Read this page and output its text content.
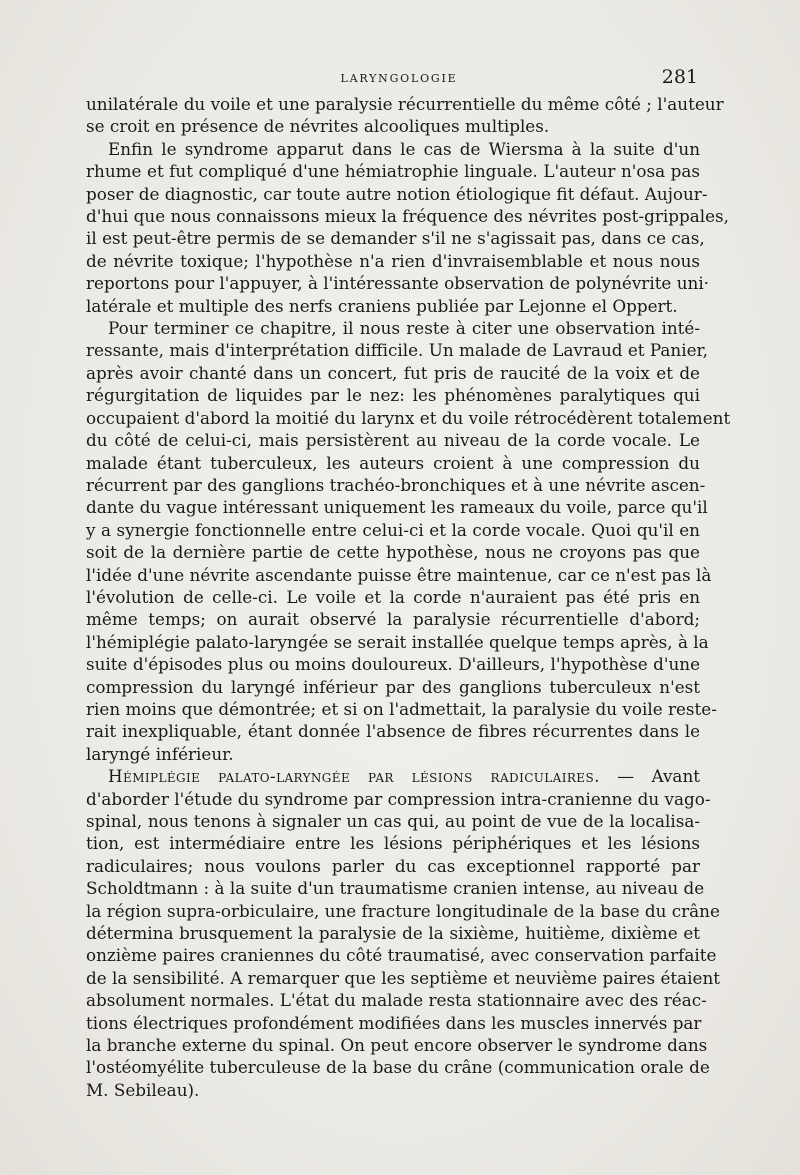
LARYNGOLOGIE	281
unilatérale du voile et une paralysie récurrentielle du même côté ; l'auteur
se croit en présence de névrites alcooliques multiples.
Enfin le syndrome apparut dans le cas de Wiersma à la suite d'un
rhume et fut compliqué d'une hémiatrophie linguale. L'auteur n'osa pas
poser de diagnostic, car toute autre notion étiologique fit défaut. Aujour-
d'hui que nous connaissons mieux la fréquence des névrites post-grippales,
il est peut-être permis de se demander s'il ne s'agissait pas, dans ce cas,
de névrite toxique; l'hypothèse n'a rien d'invraisemblable et nous nous
reportons pour l'appuyer, à l'intéressante observation de polynévrite uni·
latérale et multiple des nerfs craniens publiée par Lejonne el Oppert.
Pour terminer ce chapitre, il nous reste à citer une observation inté-
ressante, mais d'interprétation difficile. Un malade de Lavraud et Panier,
après avoir chanté dans un concert, fut pris de raucité de la voix et de
régurgitation de liquides par le nez: les phénomènes paralytiques qui
occupaient d'abord la moitié du larynx et du voile rétrocédèrent totalement
du côté de celui-ci, mais persistèrent au niveau de la corde vocale. Le
malade étant tuberculeux, les auteurs croient à une compression du
récurrent par des ganglions trachéo-bronchiques et à une névrite ascen-
dante du vague intéressant uniquement les rameaux du voile, parce qu'il
y a synergie fonctionnelle entre celui-ci et la corde vocale. Quoi qu'il en
soit de la dernière partie de cette hypothèse, nous ne croyons pas que
l'idée d'une névrite ascendante puisse être maintenue, car ce n'est pas là
l'évolution de celle-ci. Le voile et la corde n'auraient pas été pris en
même temps; on aurait observé la paralysie récurrentielle d'abord;
l'hémiplégie palato-laryngée se serait installée quelque temps après, à la
suite d'épisodes plus ou moins douloureux. D'ailleurs, l'hypothèse d'une
compression du laryngé inférieur par des ganglions tuberculeux n'est
rien moins que démontrée; et si on l'admettait, la paralysie du voile reste-
rait inexpliquable, étant donnée l'absence de fibres récurrentes dans le
laryngé inférieur.
Hémiplégie palato-laryngée par lésions radiculaires. — Avant
d'aborder l'étude du syndrome par compression intra-cranienne du vago-
spinal, nous tenons à signaler un cas qui, au point de vue de la localisa-
tion, est intermédiaire entre les lésions périphériques et les lésions
radiculaires; nous voulons parler du cas exceptionnel rapporté par
Scholdtmann : à la suite d'un traumatisme cranien intense, au niveau de
la région supra-orbiculaire, une fracture longitudinale de la base du crâne
détermina brusquement la paralysie de la sixième, huitième, dixième et
onzième paires craniennes du côté traumatisé, avec conservation parfaite
de la sensibilité. A remarquer que les septième et neuvième paires étaient
absolument normales. L'état du malade resta stationnaire avec des réac-
tions électriques profondément modifiées dans les muscles innervés par
la branche externe du spinal. On peut encore observer le syndrome dans
l'ostéomyélite tuberculeuse de la base du crâne (communication orale de
M. Sebileau).
